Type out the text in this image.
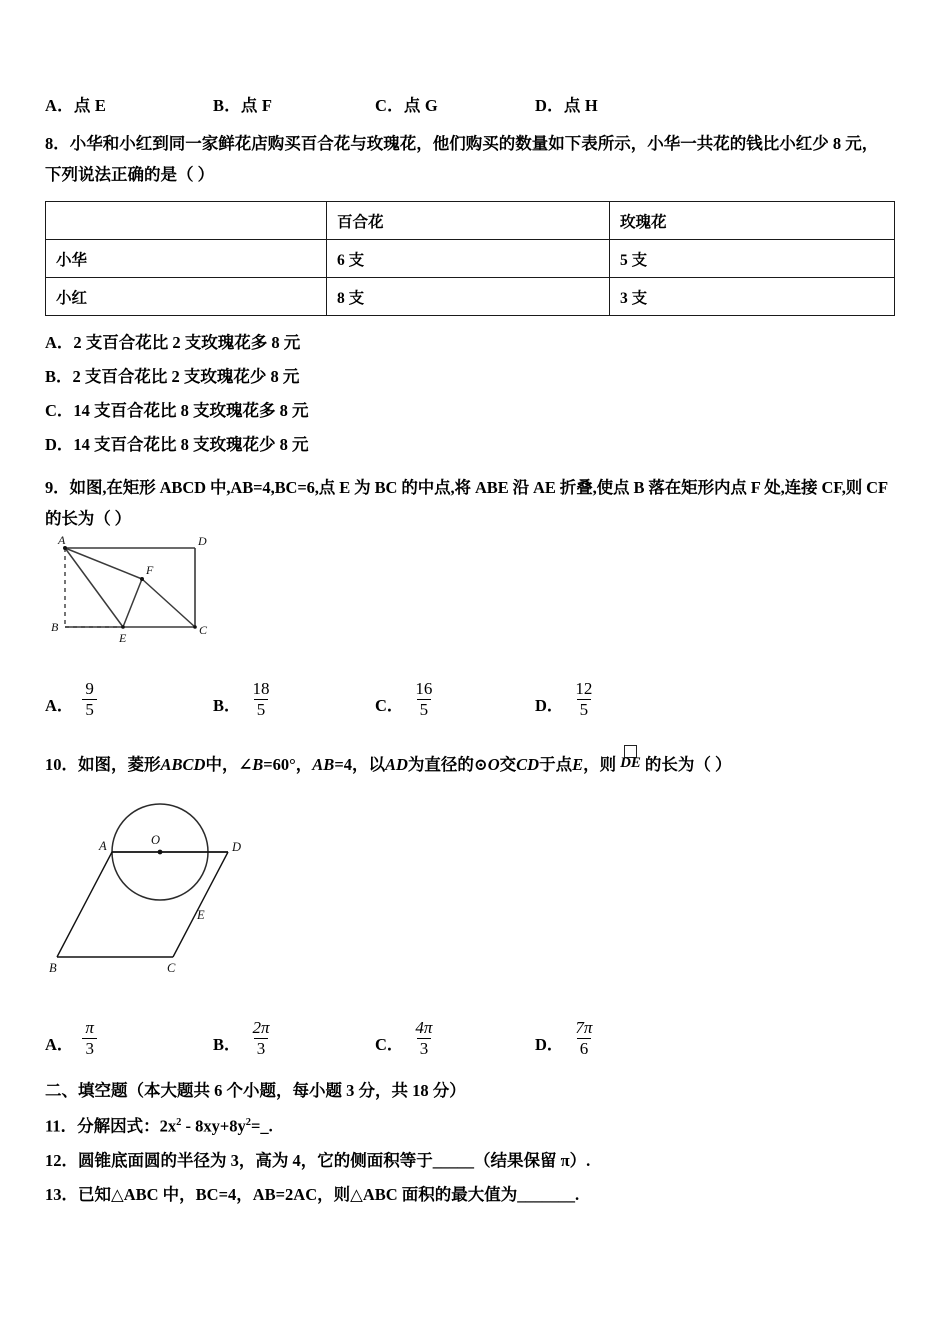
A．点 E	B．点 F	C．点 G	D．点 H

8．小华和小红到同一家鲜花店购买百合花与玫瑰花，他们购买的数量如下表所示，小华一共花的钱比小红少 8 元，

下列说法正确的是（ ）

	百合花	玫瑰花
小华	6 支	5 支
小红	8 支	3 支

A．2 支百合花比 2 支玫瑰花多 8 元

B．2 支百合花比 2 支玫瑰花少 8 元

C．14 支百合花比 8 支玫瑰花多 8 元

D．14 支百合花比 8 支玫瑰花少 8 元

9．如图,在矩形 ABCD 中,AB=4,BC=6,点 E 为 BC 的中点,将 ABE 沿 AE 折叠,使点 B 落在矩形内点 F 处,连接 CF,则 CF

的长为（ ）

A	D
F
B
E
C
A． $\frac{9}{5}$	B． $\frac{18}{5}$	C． $\frac{16}{5}$	D． $\frac{12}{5}$

10．如图，菱形ABCD中，∠B=60°，AB=4，以AD为直径的⊙O交CD于点E，则 DE 的长为（ ）

O
A	D
E
B	C
A． $\frac{\pi}{3}$	B． $\frac{2\pi}{3}$	C． $\frac{4\pi}{3}$	D． $\frac{7\pi}{6}$

二、填空题（本大题共 6 个小题，每小题 3 分，共 18 分）

11．分解因式：$2x^2$ - $8xy+8y^2=\_$.

12．圆锥底面圆的半径为 3，高为 4，它的侧面积等于_____（结果保留 π）.

13．已知△ABC 中，BC=4，AB=2AC，则△ABC 面积的最大值为_______.
